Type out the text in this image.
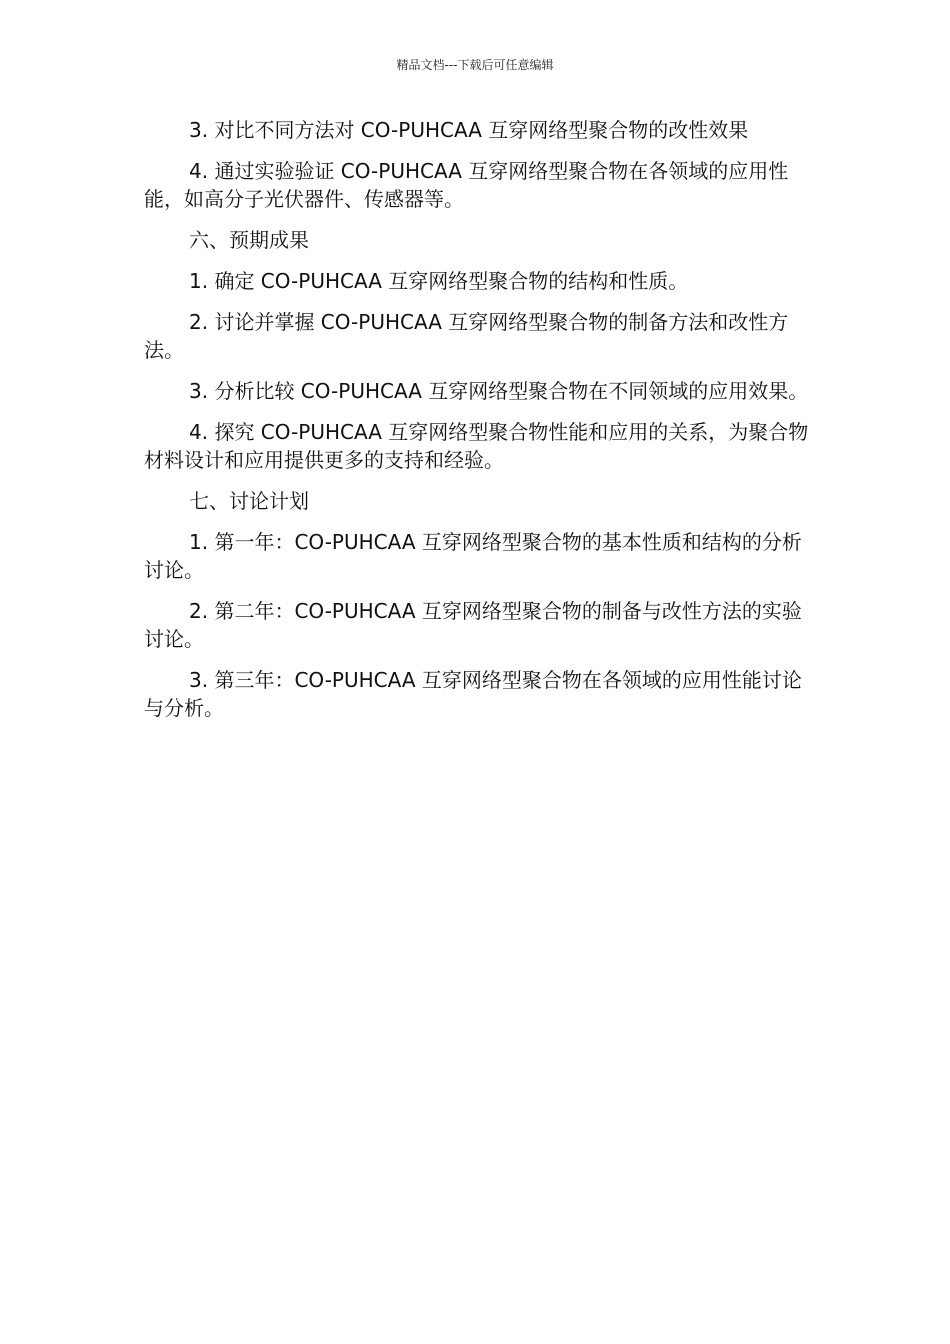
精品文档---下载后可任意编辑

3. 对比不同方法对 CO-PUHCAA 互穿网络型聚合物的改性效果

4. 通过实验验证 CO-PUHCAA 互穿网络型聚合物在各领域的应用性能，如高分子光伏器件、传感器等。

六、预期成果

1. 确定 CO-PUHCAA 互穿网络型聚合物的结构和性质。

2. 讨论并掌握 CO-PUHCAA 互穿网络型聚合物的制备方法和改性方法。

3. 分析比较 CO-PUHCAA 互穿网络型聚合物在不同领域的应用效果。

4. 探究 CO-PUHCAA 互穿网络型聚合物性能和应用的关系，为聚合物材料设计和应用提供更多的支持和经验。

七、讨论计划

1. 第一年：CO-PUHCAA 互穿网络型聚合物的基本性质和结构的分析讨论。

2. 第二年：CO-PUHCAA 互穿网络型聚合物的制备与改性方法的实验讨论。

3. 第三年：CO-PUHCAA 互穿网络型聚合物在各领域的应用性能讨论与分析。
